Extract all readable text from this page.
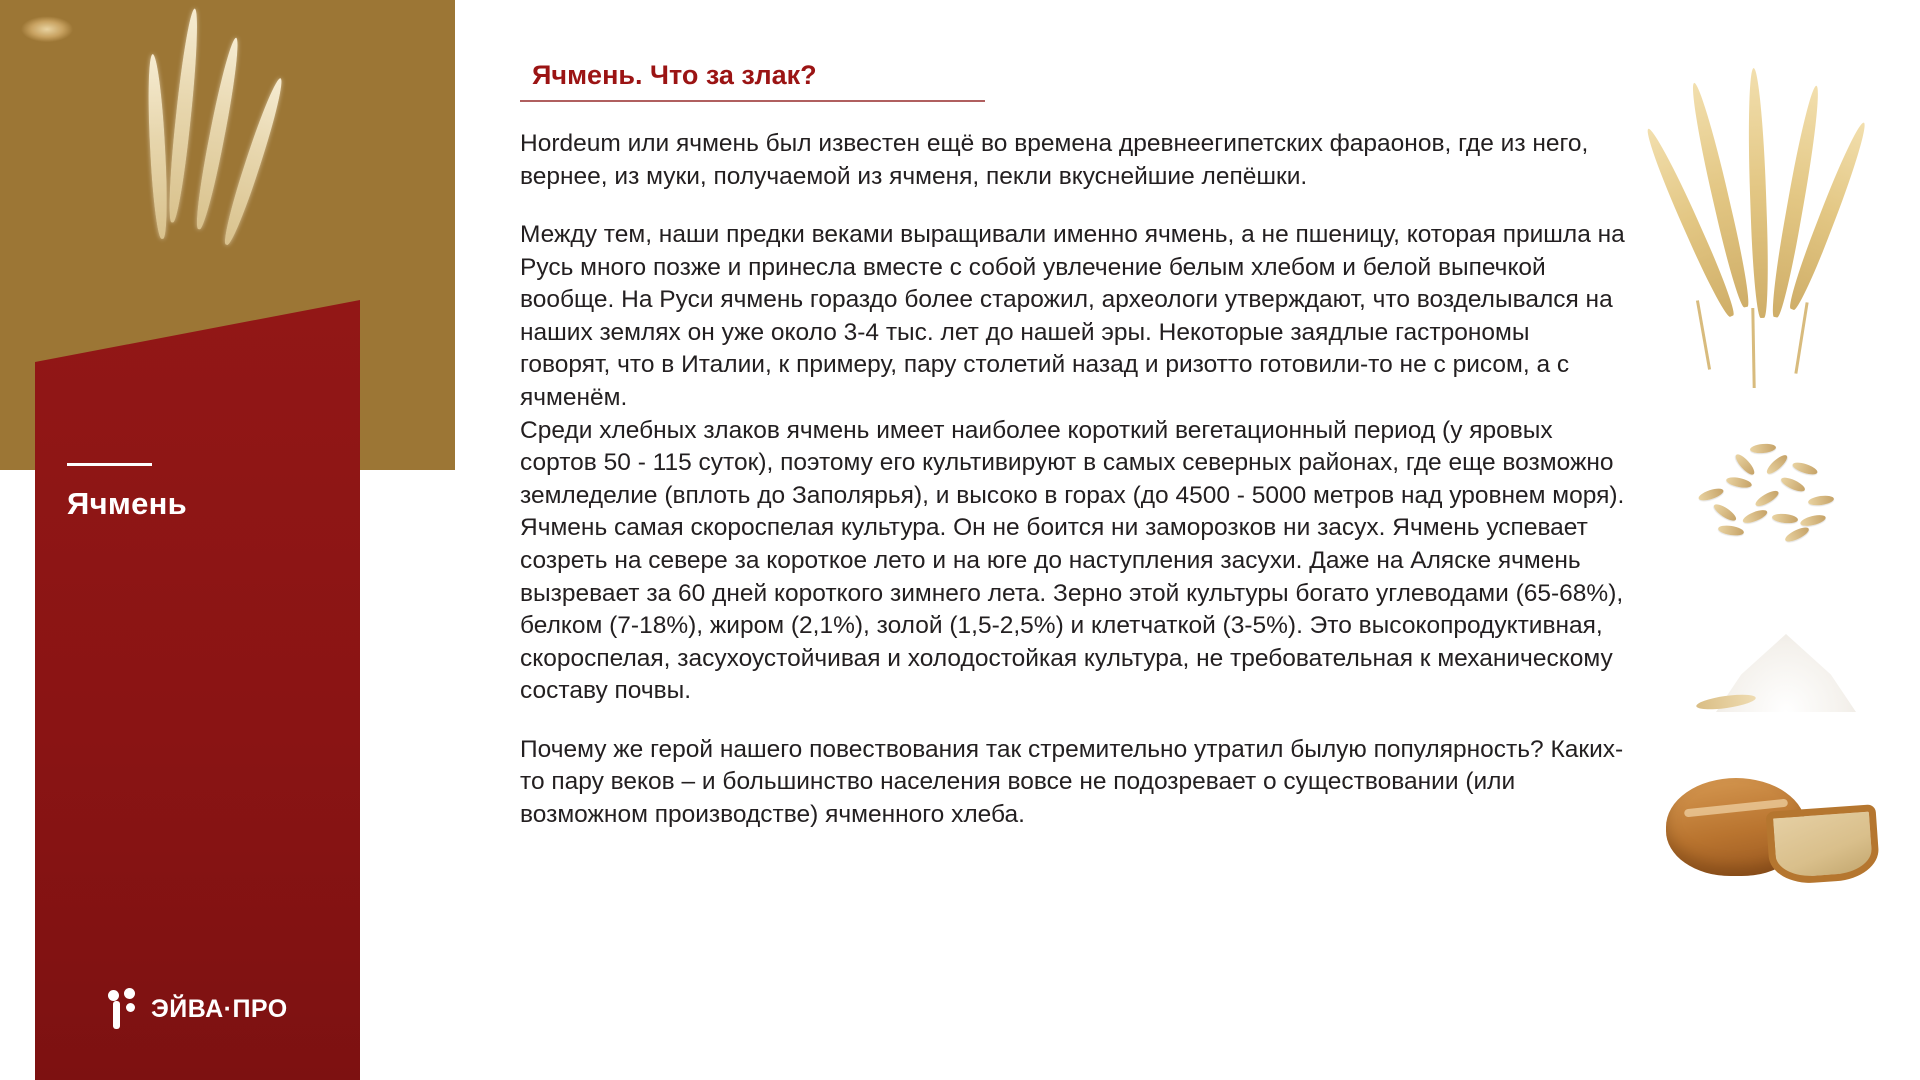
Ячмень
ЭЙВА·ПРО
Ячмень. Что за злак?

Hordeum или ячмень был известен ещё во времена древнеегипетских фараонов, где из него, вернее, из муки, получаемой из ячменя, пекли вкуснейшие лепёшки.

Между тем, наши предки веками выращивали именно ячмень, а не пшеницу, которая пришла на Русь много позже и принесла вместе с собой увлечение белым хлебом и белой выпечкой вообще. На Руси ячмень гораздо более старожил, археологи утверждают, что возделывался на наших землях он уже около 3-4 тыс. лет до нашей эры. Некоторые заядлые гастрономы говорят, что в Италии, к примеру, пару столетий назад и ризотто готовили-то не с рисом, а с ячменём.

Среди хлебных злаков ячмень имеет наиболее короткий вегетационный период (у яровых сортов 50 - 115 суток), поэтому его культивируют в самых северных районах, где еще возможно земледелие (вплоть до Заполярья), и высоко в горах (до 4500 - 5000 метров над уровнем моря). Ячмень самая скороспелая культура. Он не боится ни заморозков ни засух. Ячмень успевает созреть на севере за короткое лето и на юге до наступления засухи. Даже на Аляске ячмень вызревает за 60 дней короткого зимнего лета. Зерно этой культуры богато углеводами (65-68%), белком (7-18%), жиром (2,1%), золой (1,5-2,5%) и клетчаткой (3-5%). Это высокопродуктивная, скороспелая, засухоустойчивая и холодостойкая культура, не требовательная к механическому составу почвы.

Почему же герой нашего повествования так стремительно утратил былую популярность? Каких-то пару веков – и большинство населения вовсе не подозревает о существовании (или возможном производстве) ячменного хлеба.
